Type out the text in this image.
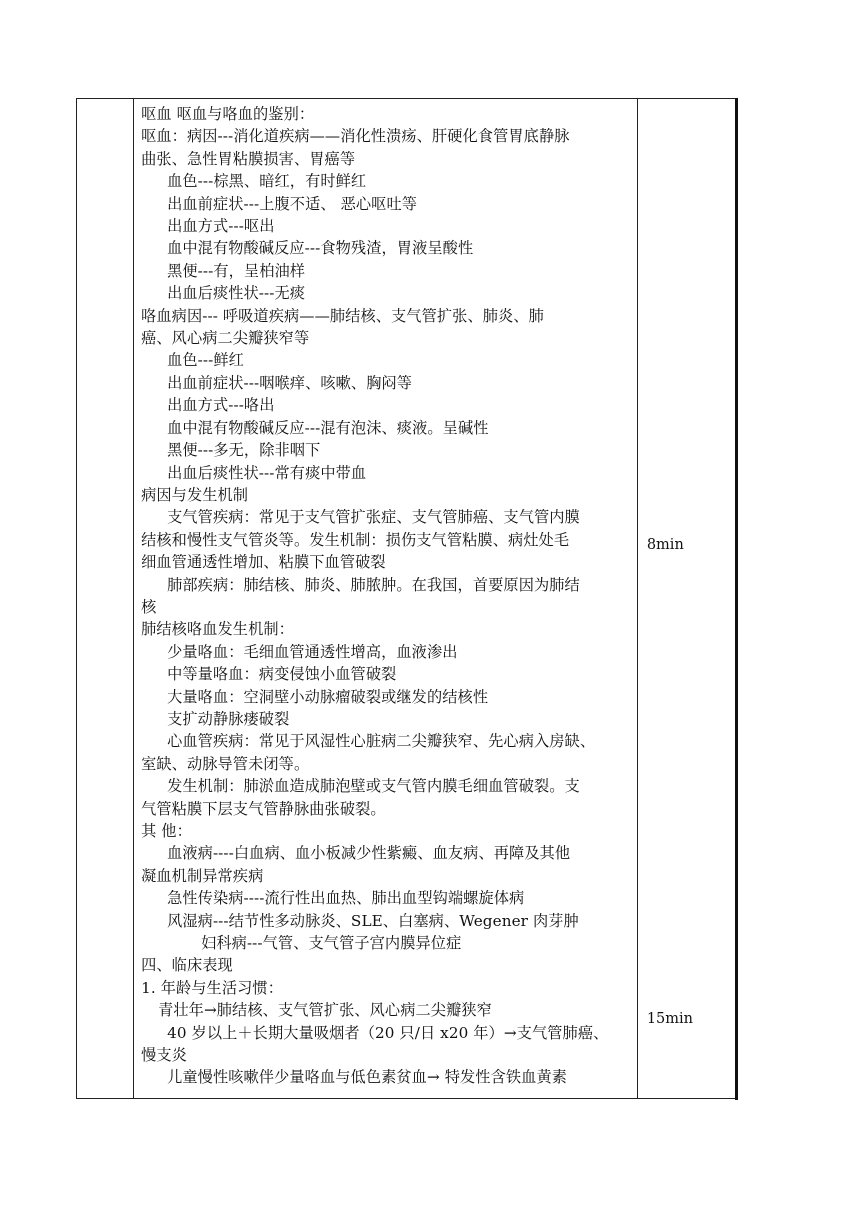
呕血 呕血与咯血的鉴别：
呕血：病因---消化道疾病——消化性溃疡、肝硬化食管胃底静脉
曲张、急性胃粘膜损害、胃癌等
血色---棕黑、暗红，有时鲜红
出血前症状---上腹不适、 恶心呕吐等
出血方式---呕出
血中混有物酸碱反应---食物残渣，胃液呈酸性
黑便---有，呈柏油样
出血后痰性状---无痰
咯血病因--- 呼吸道疾病——肺结核、支气管扩张、肺炎、肺
癌、风心病二尖瓣狭窄等
血色---鲜红
出血前症状---咽喉痒、咳嗽、胸闷等
出血方式---咯出
血中混有物酸碱反应---混有泡沫、痰液。呈碱性
黑便---多无，除非咽下
出血后痰性状---常有痰中带血
病因与发生机制
支气管疾病：常见于支气管扩张症、支气管肺癌、支气管内膜
结核和慢性支气管炎等。发生机制：损伤支气管粘膜、病灶处毛
细血管通透性增加、粘膜下血管破裂
肺部疾病：肺结核、肺炎、肺脓肿。在我国，首要原因为肺结
核
肺结核咯血发生机制：
少量咯血：毛细血管通透性增高，血液渗出
中等量咯血：病变侵蚀小血管破裂
大量咯血：空洞壁小动脉瘤破裂或继发的结核性
支扩动静脉瘘破裂
心血管疾病：常见于风湿性心脏病二尖瓣狭窄、先心病入房缺、
室缺、动脉导管未闭等。
发生机制：肺淤血造成肺泡壁或支气管内膜毛细血管破裂。支
气管粘膜下层支气管静脉曲张破裂。
其 他：
血液病----白血病、血小板减少性紫癜、血友病、再障及其他
凝血机制异常疾病
急性传染病----流行性出血热、肺出血型钩端螺旋体病
风湿病---结节性多动脉炎、SLE、白塞病、Wegener 肉芽肿
妇科病---气管、支气管子宫内膜异位症
四、临床表现
1. 年龄与生活习惯：
青壮年→肺结核、支气管扩张、风心病二尖瓣狭窄
40 岁以上＋长期大量吸烟者（20 只/日 x20 年）→支气管肺癌、
慢支炎
儿童慢性咳嗽伴少量咯血与低色素贫血→ 特发性含铁血黄素

8min
15min
